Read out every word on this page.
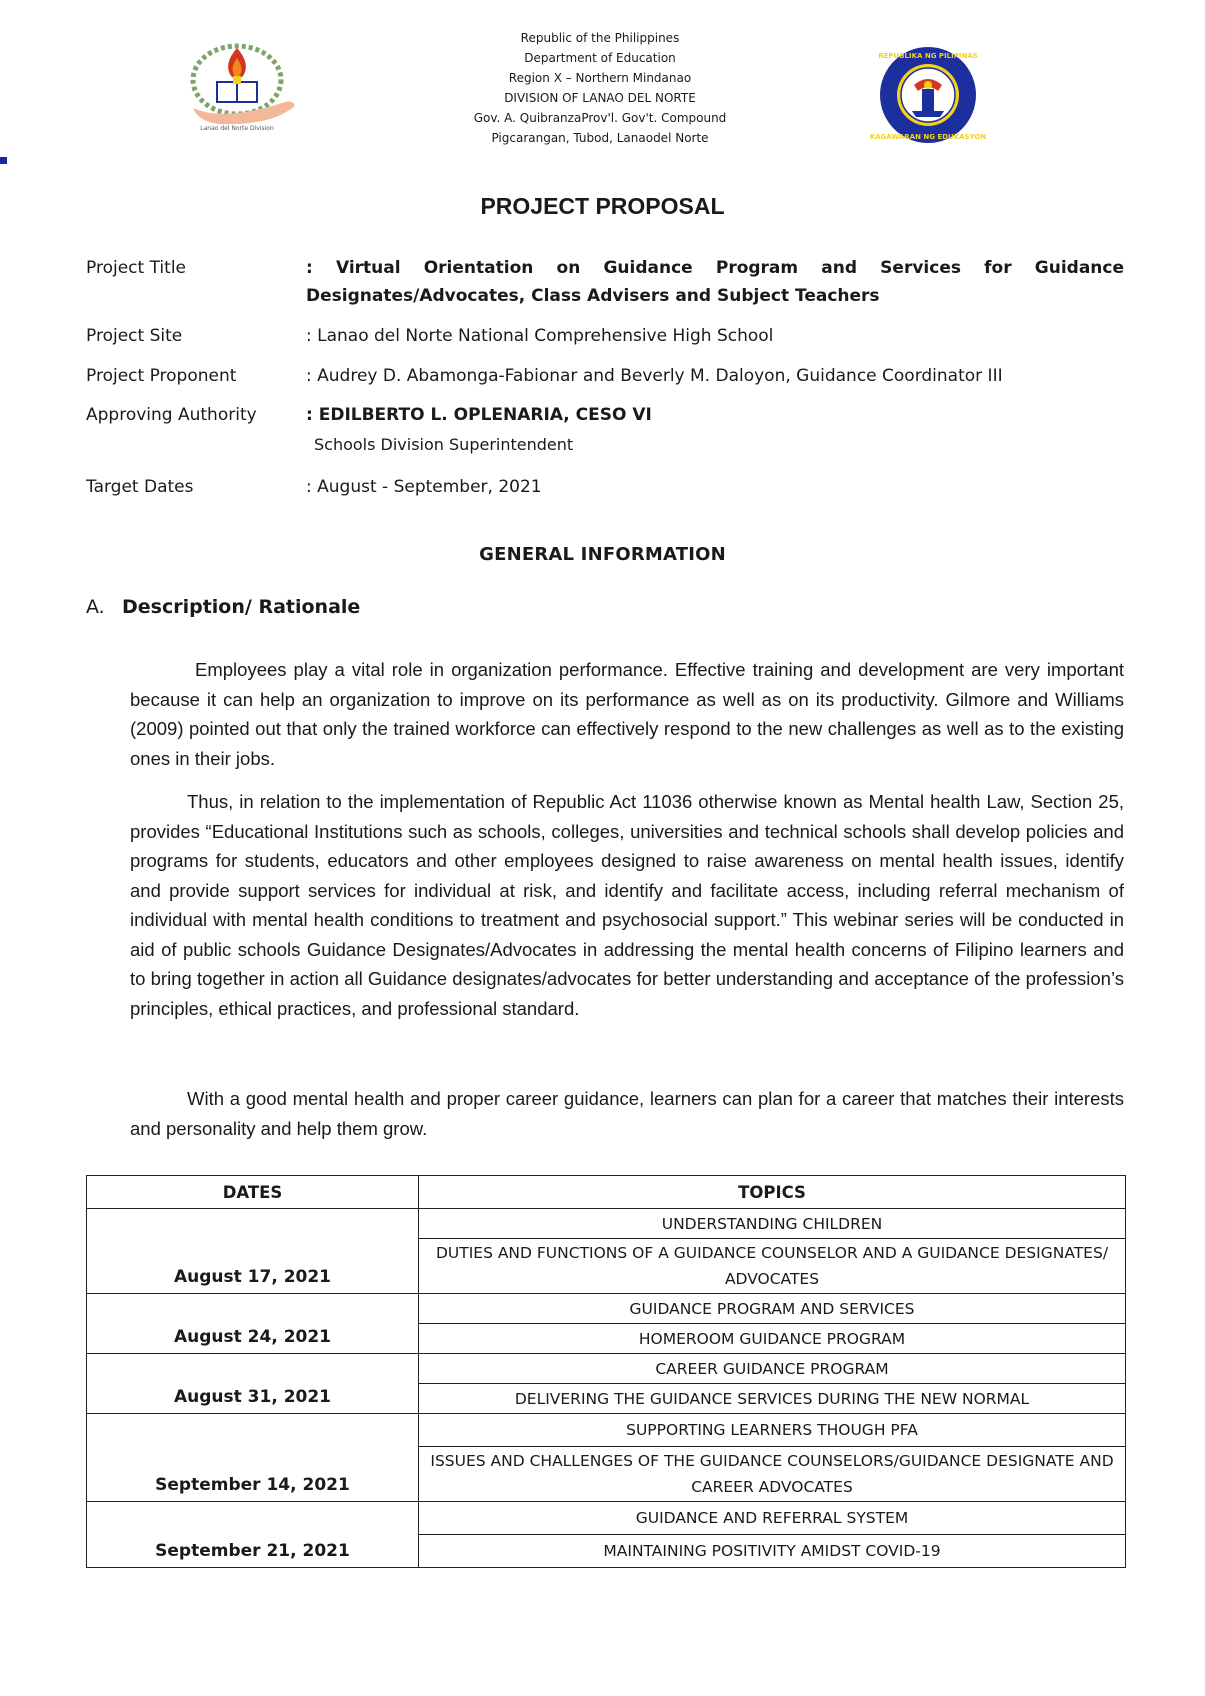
Lanao del Norte Division
Republic of the Philippines
Department of Education
Region X – Northern Mindanao
DIVISION OF LANAO DEL NORTE
Gov. A. QuibranzaProv'l. Gov't. Compound
Pigcarangan, Tubod, Lanaodel Norte
REPUBLIKA NG PILIPINAS
KAGAWARAN NG EDUKASYON
PROJECT PROPOSAL
Project Title	: Virtual Orientation on Guidance Program and Services for Guidance Designates/Advocates, Class Advisers and Subject Teachers
Project Site	: Lanao del Norte National Comprehensive High School
Project Proponent	: Audrey D. Abamonga-Fabionar and Beverly M. Daloyon, Guidance Coordinator III
Approving Authority	: EDILBERTO L. OPLENARIA, CESO VI
Schools Division Superintendent
Target Dates	: August - September, 2021
GENERAL INFORMATION
A. Description/ Rationale
Employees play a vital role in organization performance. Effective training and development are very important because it can help an organization to improve on its performance as well as on its productivity. Gilmore and Williams (2009) pointed out that only the trained workforce can effectively respond to the new challenges as well as to the existing ones in their jobs.
Thus, in relation to the implementation of Republic Act 11036 otherwise known as Mental health Law, Section 25, provides “Educational Institutions such as schools, colleges, universities and technical schools shall develop policies and programs for students, educators and other employees designed to raise awareness on mental health issues, identify and provide support services for individual at risk, and identify and facilitate access, including referral mechanism of individual with mental health conditions to treatment and psychosocial support.” This webinar series will be conducted in aid of public schools Guidance Designates/Advocates in addressing the mental health concerns of Filipino learners and to bring together in action all Guidance designates/advocates for better understanding and acceptance of the profession’s principles, ethical practices, and professional standard.
With a good mental health and proper career guidance, learners can plan for a career that matches their interests and personality and help them grow.
DATES	TOPICS
August 17, 2021	UNDERSTANDING CHILDREN
	DUTIES AND FUNCTIONS OF A GUIDANCE COUNSELOR AND A GUIDANCE DESIGNATES/ ADVOCATES
August 24, 2021	GUIDANCE PROGRAM AND SERVICES
	HOMEROOM GUIDANCE PROGRAM
August 31, 2021	CAREER GUIDANCE PROGRAM
	DELIVERING THE GUIDANCE SERVICES DURING THE NEW NORMAL
September 14, 2021	SUPPORTING LEARNERS THOUGH PFA
	ISSUES AND CHALLENGES OF THE GUIDANCE COUNSELORS/GUIDANCE DESIGNATE AND CAREER ADVOCATES
September 21, 2021	GUIDANCE AND REFERRAL SYSTEM
	MAINTAINING POSITIVITY AMIDST COVID-19
